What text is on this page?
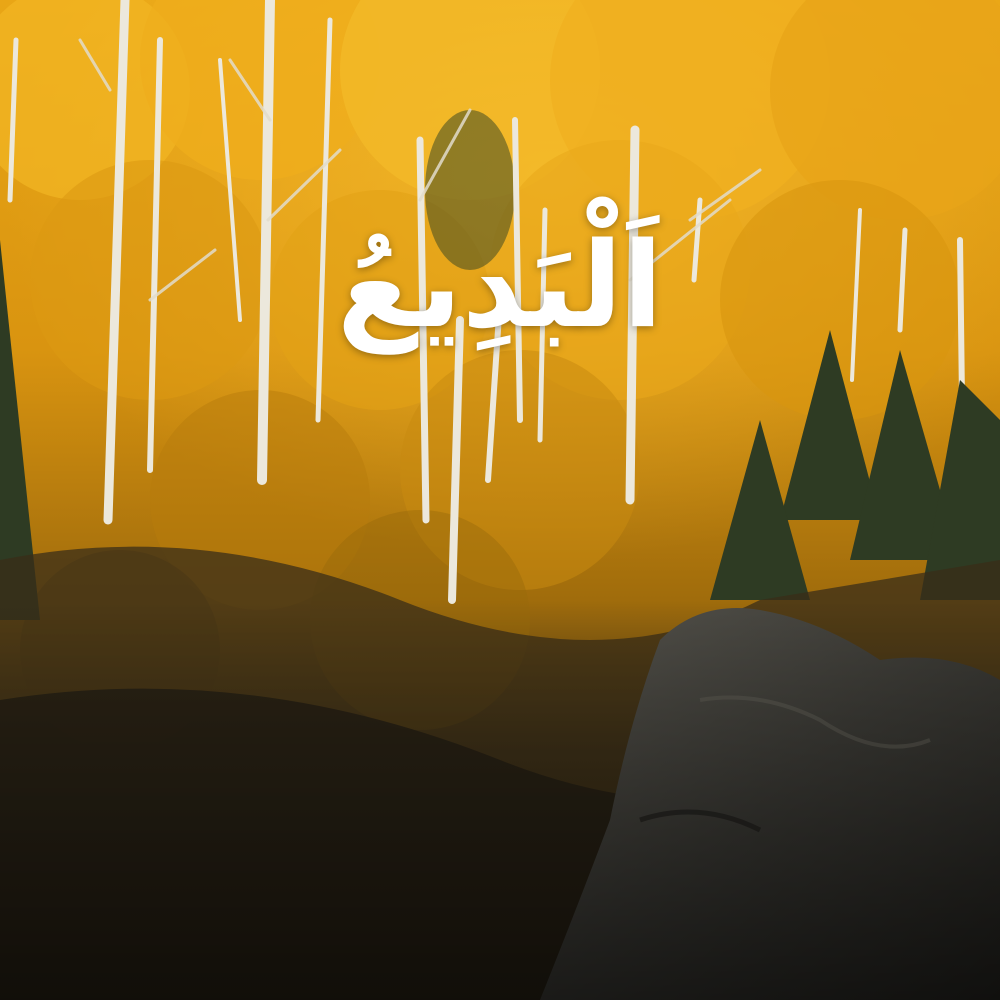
اَلْبَدِيعُ
